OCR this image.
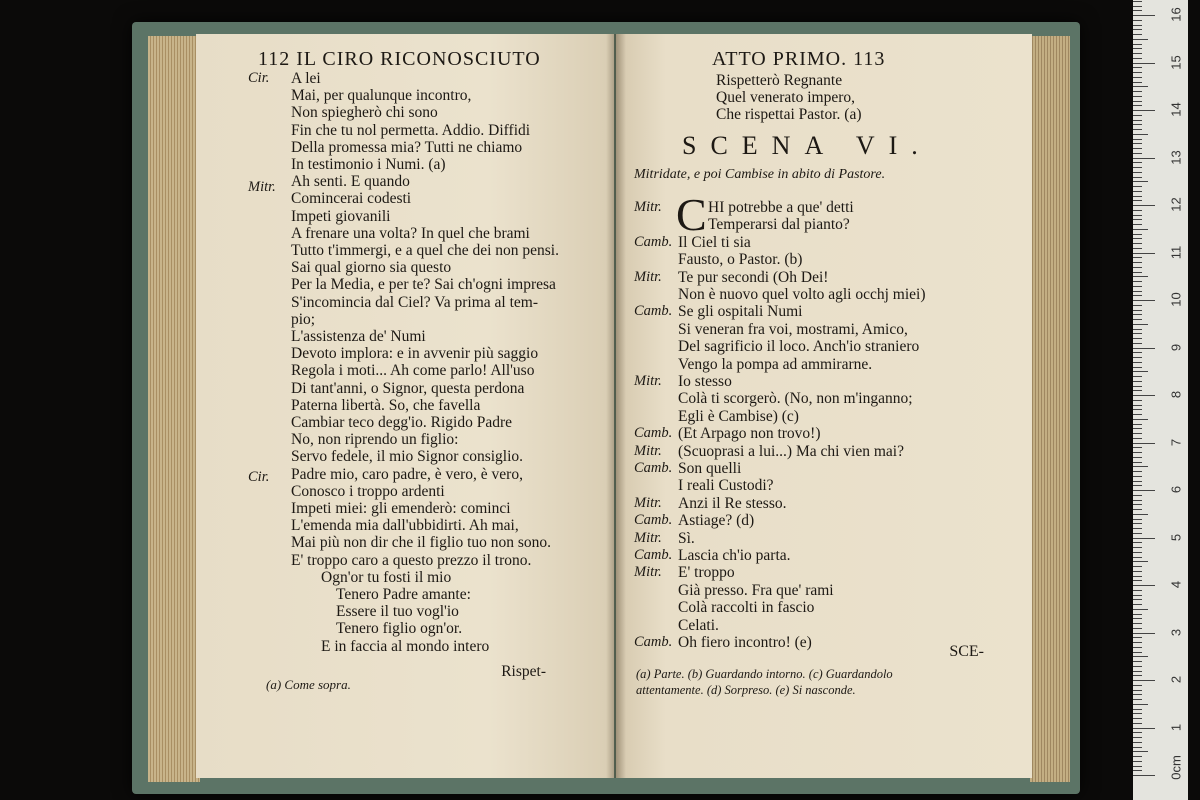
112 IL CIRO RICONOSCIUTO
Cir.
Mitr.
Cir.
Rispet-
(a) Come sopra.
A lei
Mai, per qualunque incontro,
Non spiegherò chi sono
Fin che tu nol permetta. Addio. Diffidi
Della promessa mia? Tutti ne chiamo
In testimonio i Numi. (a)
Ah senti. E quando
Comincerai codesti
Impeti giovanili
A frenare una volta? In quel che brami
Tutto t'immergi, e a quel che dei non pensi.
Sai qual giorno sia questo
Per la Media, e per te? Sai ch'ogni impresa
S'incomincia dal Ciel? Va prima al tem-
pio;
L'assistenza de' Numi
Devoto implora: e in avvenir più saggio
Regola i moti... Ah come parlo! All'uso
Di tant'anni, o Signor, questa perdona
Paterna libertà. So, che favella
Cambiar teco degg'io. Rigido Padre
No, non riprendo un figlio:
Servo fedele, il mio Signor consiglio.
Padre mio, caro padre, è vero, è vero,
Conosco i troppo ardenti
Impeti miei: gli emenderò: cominci
L'emenda mia dall'ubbidirti. Ah mai,
Mai più non dir che il figlio tuo non sono.
E' troppo caro a questo prezzo il trono.
Ogn'or tu fosti il mio
Tenero Padre amante:
Essere il tuo vogl'io
Tenero figlio ogn'or.
E in faccia al mondo intero
ATTO PRIMO. 113
Rispetterò Regnante
Quel venerato impero,
Che rispettai Pastor. (a)
SCENA VI.
Mitridate, e poi Cambise in abito di Pastore.
C
SCE-
(a) Parte. (b) Guardando intorno. (c) Guardandolo
attentamente. (d) Sorpreso. (e) Si nasconde.
Mitr.	HI potrebbe a que' detti
Temperarsi dal pianto?
Camb. Il Ciel ti sia
Fausto, o Pastor. (b)
Mitr. Te pur secondi (Oh Dei!
Non è nuovo quel volto agli occhj miei)
Camb. Se gli ospitali Numi
Si veneran fra voi, mostrami, Amico,
Del sagrificio il loco. Anch'io straniero
Vengo la pompa ad ammirarne.
Mitr. Io stesso
Colà ti scorgerò. (No, non m'inganno;
Egli è Cambise) (c)
Camb. (Et Arpago non trovo!)
Mitr. (Scuoprasi a lui...) Ma chi vien mai?
Camb. Son quelli
I reali Custodi?
Mitr. Anzi il Re stesso.
Camb. Astiage? (d)
Mitr. Sì.
Camb. Lascia ch'io parta.
Mitr. E' troppo
Già presso. Fra que' rami
Colà raccolti in fascio
Celati.
Camb. Oh fiero incontro! (e)
0cm
1
2
3
4
5
6
7
8
9
10
11
12
13
14
15
16
